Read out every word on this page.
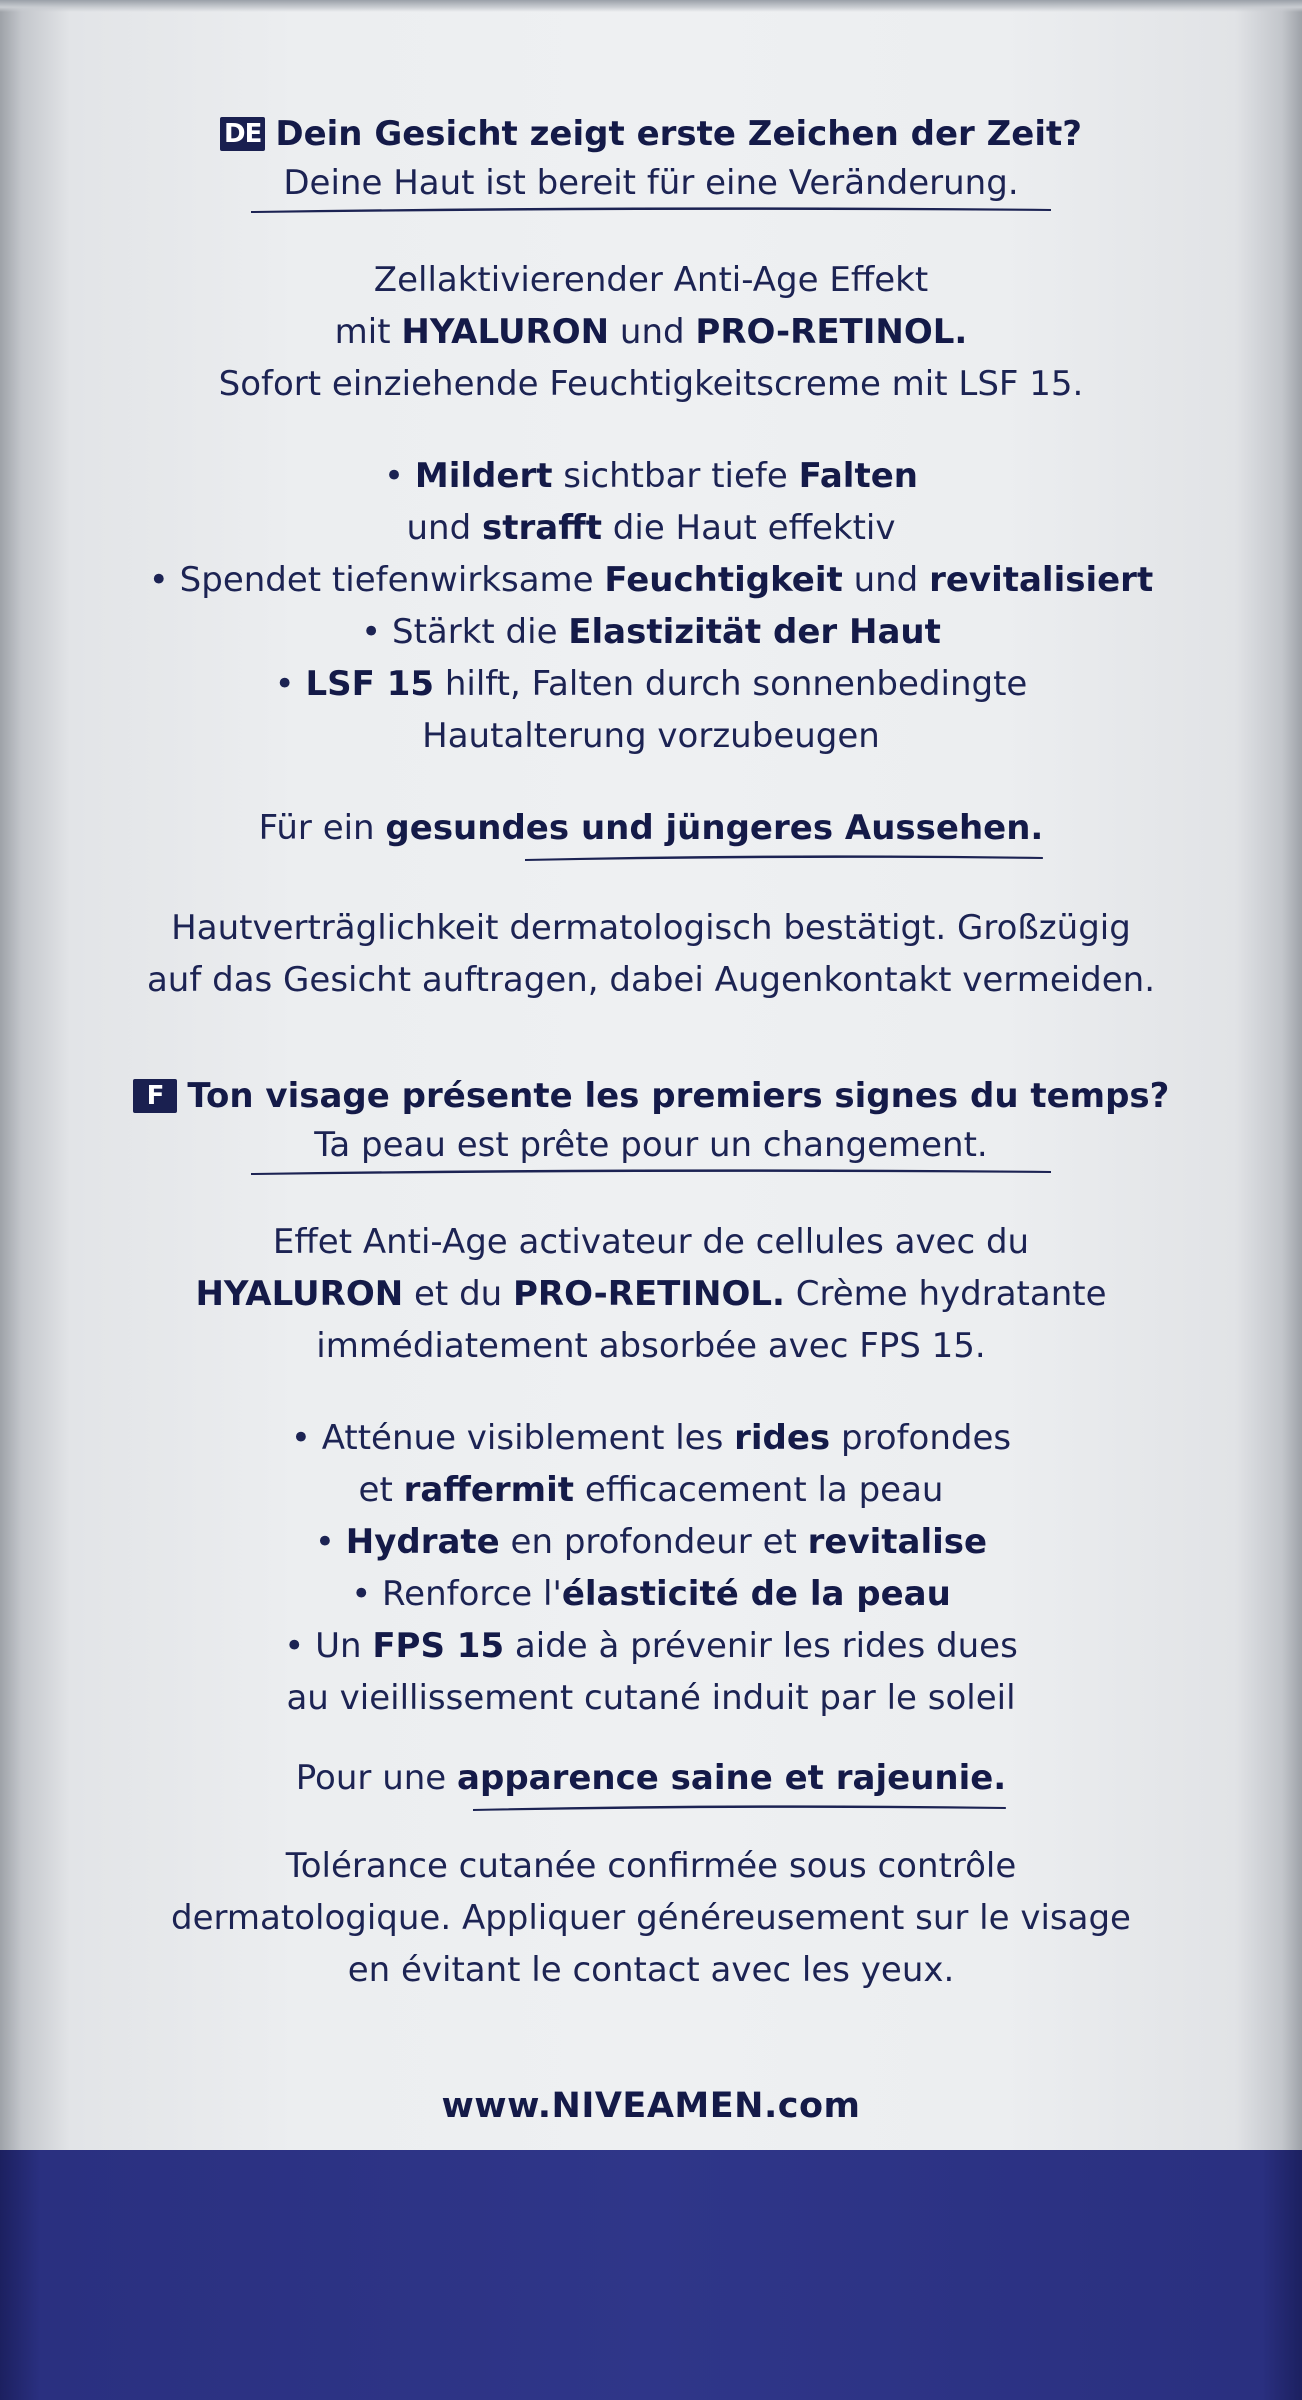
DE Dein Gesicht zeigt erste Zeichen der Zeit?
Deine Haut ist bereit für eine Veränderung.
Zellaktivierender Anti-Age Effekt
mit HYALURON und PRO-RETINOL.
Sofort einziehende Feuchtigkeitscreme mit LSF 15.
• Mildert sichtbar tiefe Falten
und strafft die Haut effektiv
• Spendet tiefenwirksame Feuchtigkeit und revitalisiert
• Stärkt die Elastizität der Haut
• LSF 15 hilft, Falten durch sonnenbedingte
Hautalterung vorzubeugen
Für ein gesundes und jüngeres Aussehen.
Hautverträglichkeit dermatologisch bestätigt. Großzügig
auf das Gesicht auftragen, dabei Augenkontakt vermeiden.
F Ton visage présente les premiers signes du temps?
Ta peau est prête pour un changement.
Effet Anti-Age activateur de cellules avec du
HYALURON et du PRO-RETINOL. Crème hydratante
immédiatement absorbée avec FPS 15.
• Atténue visiblement les rides profondes
et raffermit efficacement la peau
• Hydrate en profondeur et revitalise
• Renforce l'élasticité de la peau
• Un FPS 15 aide à prévenir les rides dues
au vieillissement cutané induit par le soleil
Pour une apparence saine et rajeunie.
Tolérance cutanée confirmée sous contrôle
dermatologique. Appliquer généreusement sur le visage
en évitant le contact avec les yeux.
www.NIVEAMEN.com
